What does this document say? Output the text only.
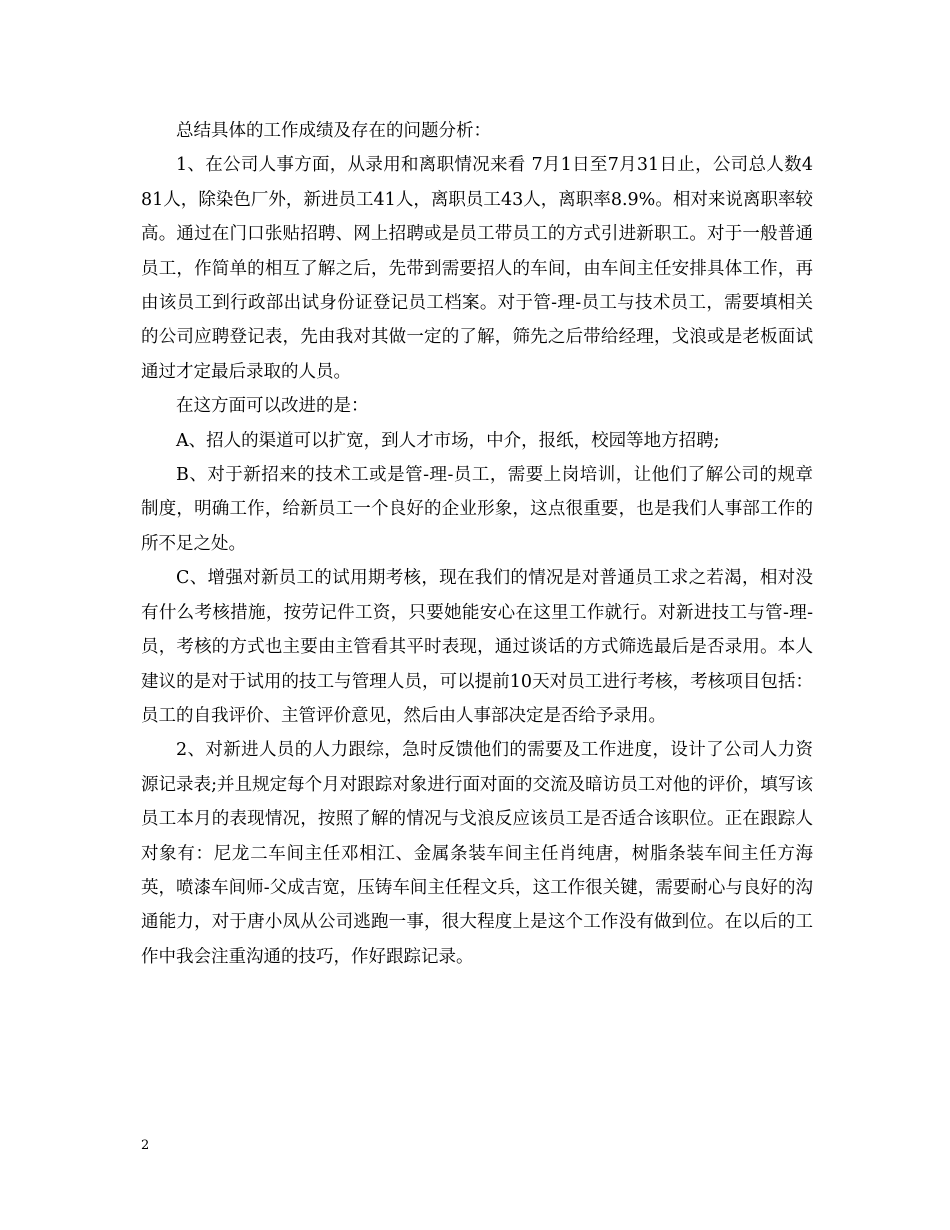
总结具体的工作成绩及存在的问题分析：

1、在公司人事方面，从录用和离职情况来看 7月1日至7月31日止，公司总人数481人，除染色厂外，新进员工41人，离职员工43人，离职率8.9%。相对来说离职率较高。通过在门口张贴招聘、网上招聘或是员工带员工的方式引进新职工。对于一般普通员工，作简单的相互了解之后，先带到需要招人的车间，由车间主任安排具体工作，再由该员工到行政部出试身份证登记员工档案。对于管-理-员工与技术员工，需要填相关的公司应聘登记表，先由我对其做一定的了解，筛先之后带给经理，戈浪或是老板面试通过才定最后录取的人员。

在这方面可以改进的是：

A、招人的渠道可以扩宽，到人才市场，中介，报纸，校园等地方招聘;

B、对于新招来的技术工或是管-理-员工，需要上岗培训，让他们了解公司的规章制度，明确工作，给新员工一个良好的企业形象，这点很重要，也是我们人事部工作的所不足之处。

C、增强对新员工的试用期考核，现在我们的情况是对普通员工求之若渴，相对没有什么考核措施，按劳记件工资，只要她能安心在这里工作就行。对新进技工与管-理-员，考核的方式也主要由主管看其平时表现，通过谈话的方式筛选最后是否录用。本人建议的是对于试用的技工与管理人员，可以提前10天对员工进行考核，考核项目包括：员工的自我评价、主管评价意见，然后由人事部决定是否给予录用。

2、对新进人员的人力跟综，急时反馈他们的需要及工作进度，设计了公司人力资源记录表;并且规定每个月对跟踪对象进行面对面的交流及暗访员工对他的评价，填写该员工本月的表现情况，按照了解的情况与戈浪反应该员工是否适合该职位。正在跟踪人对象有：尼龙二车间主任邓相江、金属条装车间主任肖纯唐，树脂条装车间主任方海英，喷漆车间师-父成吉宽，压铸车间主任程文兵，这工作很关键，需要耐心与良好的沟通能力，对于唐小凤从公司逃跑一事，很大程度上是这个工作没有做到位。在以后的工作中我会注重沟通的技巧，作好跟踪记录。

2
